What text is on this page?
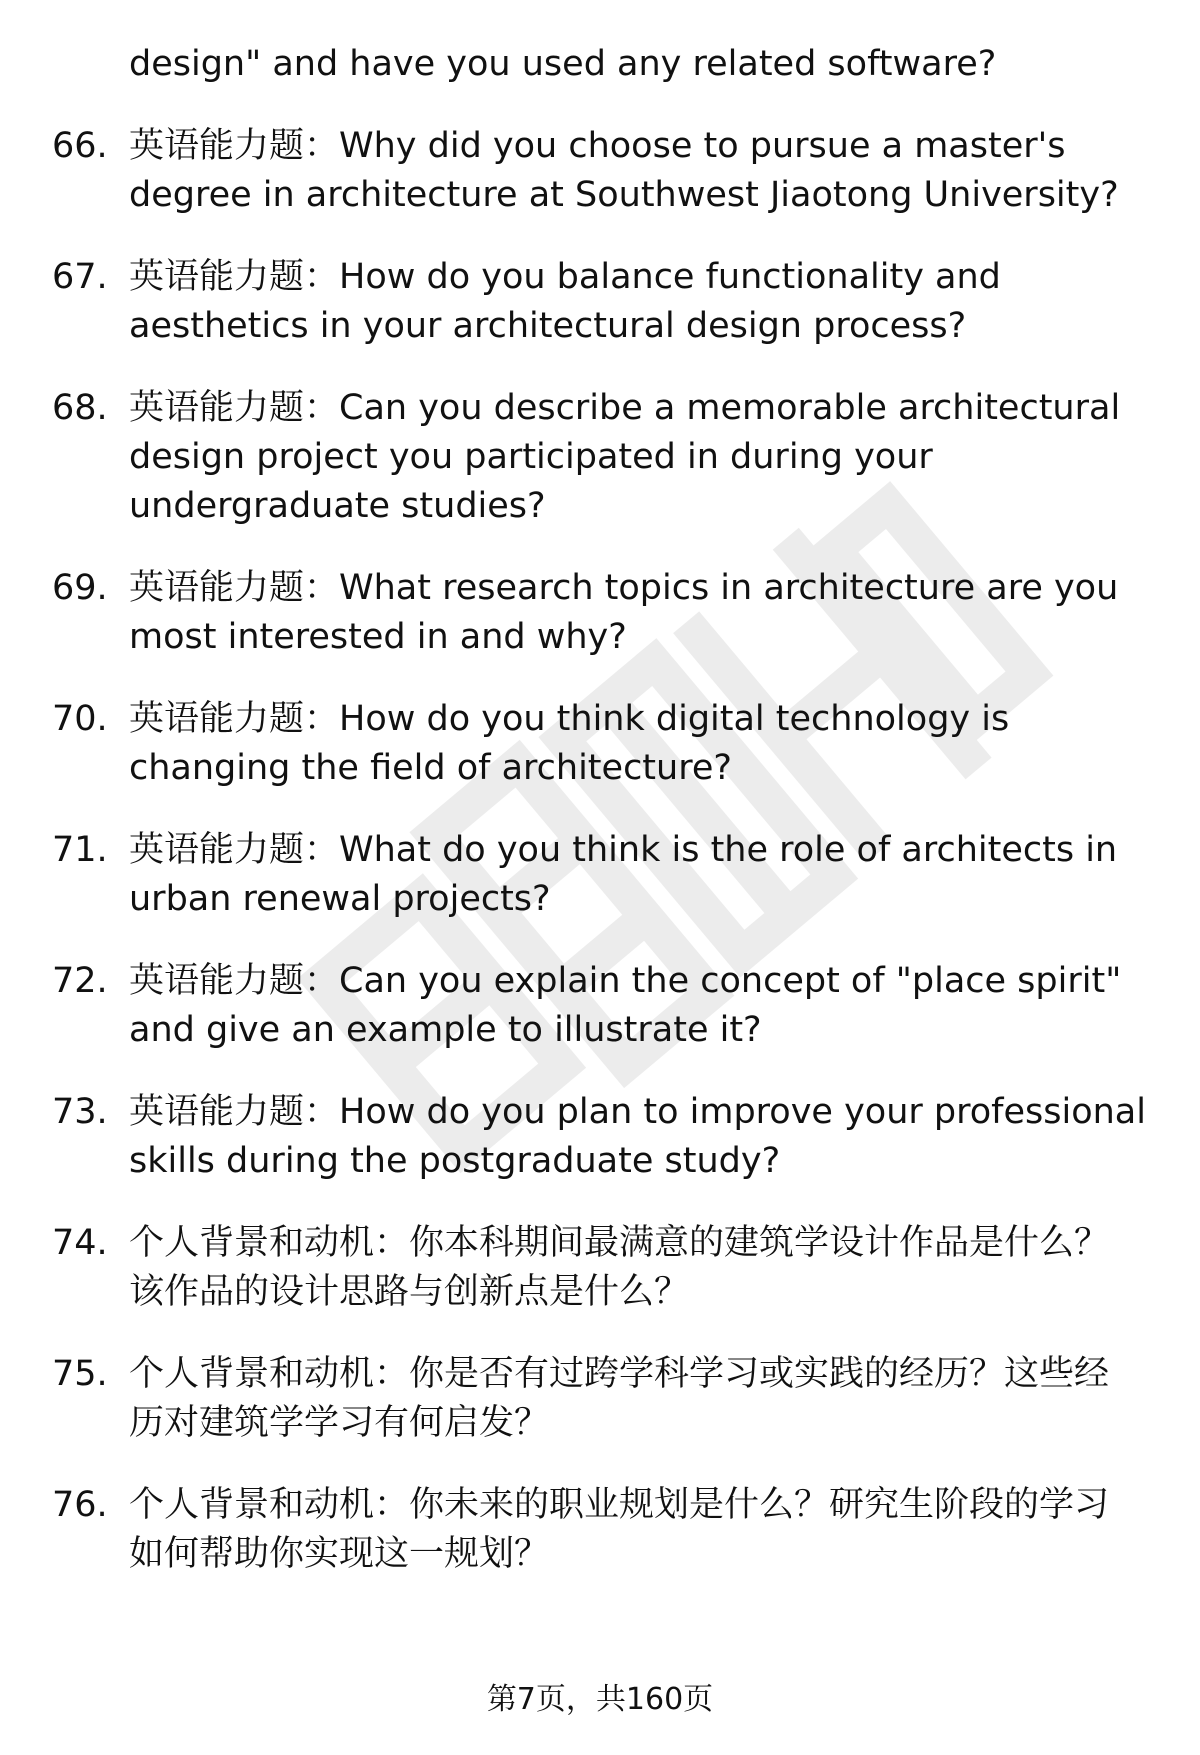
design" and have you used any related software?
66. 英语能力题：Why did you choose to pursue a master's
degree in architecture at Southwest Jiaotong University?
67. 英语能力题：How do you balance functionality and
aesthetics in your architectural design process?
68. 英语能力题：Can you describe a memorable architectural
design project you participated in during your
undergraduate studies?
69. 英语能力题：What research topics in architecture are you
most interested in and why?
70. 英语能力题：How do you think digital technology is
changing the field of architecture?
71. 英语能力题：What do you think is the role of architects in
urban renewal projects?
72. 英语能力题：Can you explain the concept of "place spirit"
and give an example to illustrate it?
73. 英语能力题：How do you plan to improve your professional
skills during the postgraduate study?
74. 个人背景和动机：你本科期间最满意的建筑学设计作品是什么？
该作品的设计思路与创新点是什么？
75. 个人背景和动机：你是否有过跨学科学习或实践的经历？这些经
历对建筑学学习有何启发？
76. 个人背景和动机：你未来的职业规划是什么？研究生阶段的学习
如何帮助你实现这一规划？
第7页，共160页
